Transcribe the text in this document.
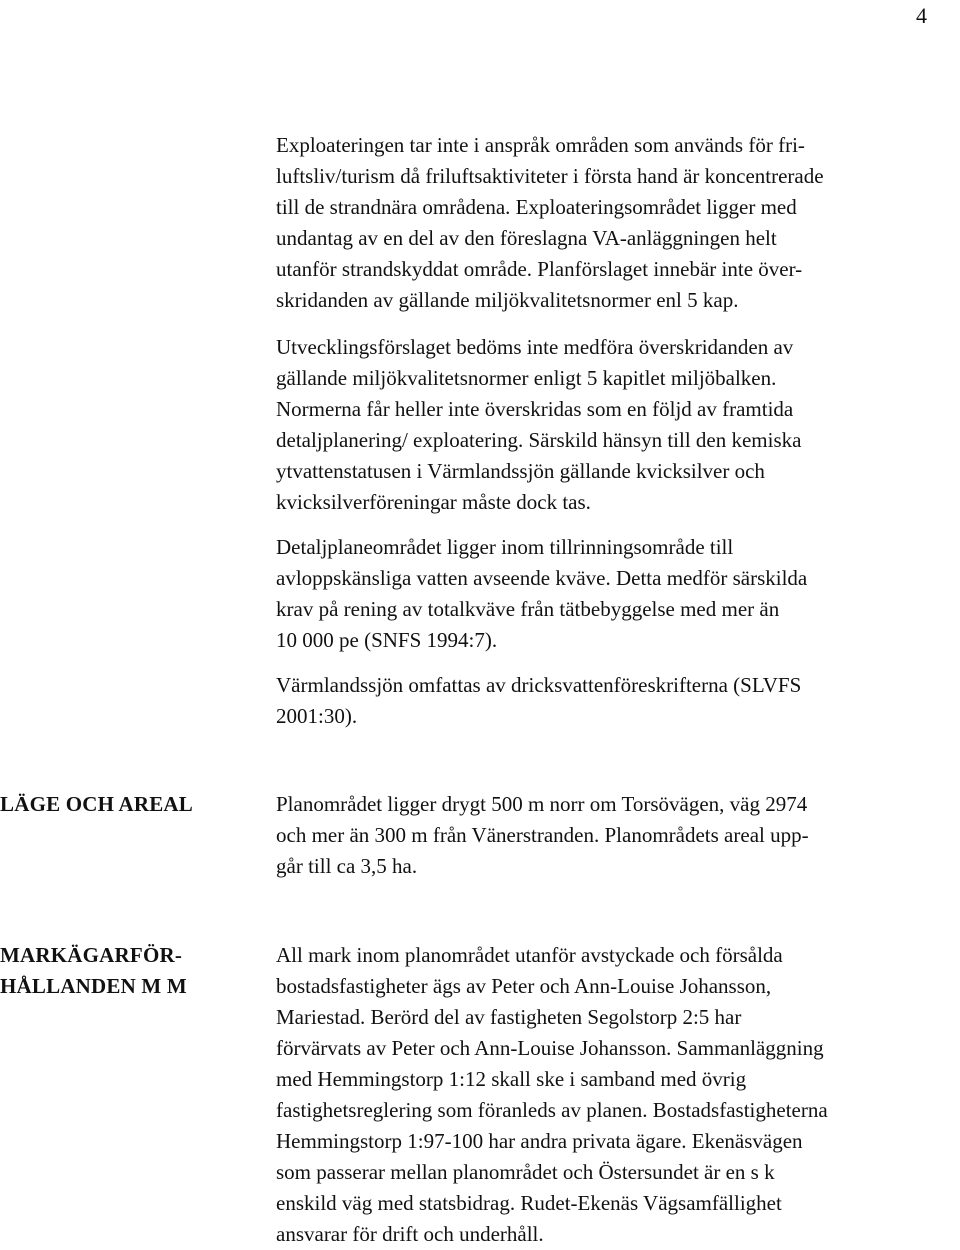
4

Exploateringen tar inte i anspråk områden som används för fri-
luftsliv/turism då friluftsaktiviteter i första hand är koncentrerade
till de strandnära områdena. Exploateringsområdet ligger med
undantag av en del av den föreslagna VA-anläggningen helt
utanför strandskyddat område. Planförslaget innebär inte över-
skridanden av gällande miljökvalitetsnormer enl 5 kap.

Utvecklingsförslaget bedöms inte medföra överskridanden av
gällande miljökvalitetsnormer enligt 5 kapitlet miljöbalken.
Normerna får heller inte överskridas som en följd av framtida
detaljplanering/ exploatering. Särskild hänsyn till den kemiska
ytvattenstatusen i Värmlandssjön gällande kvicksilver och
kvicksilverföreningar måste dock tas.

Detaljplaneområdet ligger inom tillrinningsområde till
avloppskänsliga vatten avseende kväve. Detta medför särskilda
krav på rening av totalkväve från tätbebyggelse med mer än
10 000 pe (SNFS 1994:7).

Värmlandssjön omfattas av dricksvattenföreskrifterna (SLVFS
2001:30).

LÄGE OCH AREAL	Planområdet ligger drygt 500 m norr om Torsövägen, väg 2974
och mer än 300 m från Vänerstranden. Planområdets areal upp-
går till ca 3,5 ha.

MARKÄGARFÖR-
HÅLLANDEN M M

All mark inom planområdet utanför avstyckade och försålda
bostadsfastigheter ägs av Peter och Ann-Louise Johansson,
Mariestad. Berörd del av fastigheten Segolstorp 2:5 har
förvärvats av Peter och Ann-Louise Johansson. Sammanläggning
med Hemmingstorp 1:12 skall ske i samband med övrig
fastighetsreglering som föranleds av planen. Bostadsfastigheterna
Hemmingstorp 1:97-100 har andra privata ägare. Ekenäsvägen
som passerar mellan planområdet och Östersundet är en s k
enskild väg med statsbidrag. Rudet-Ekenäs Vägsamfällighet
ansvarar för drift och underhåll.
